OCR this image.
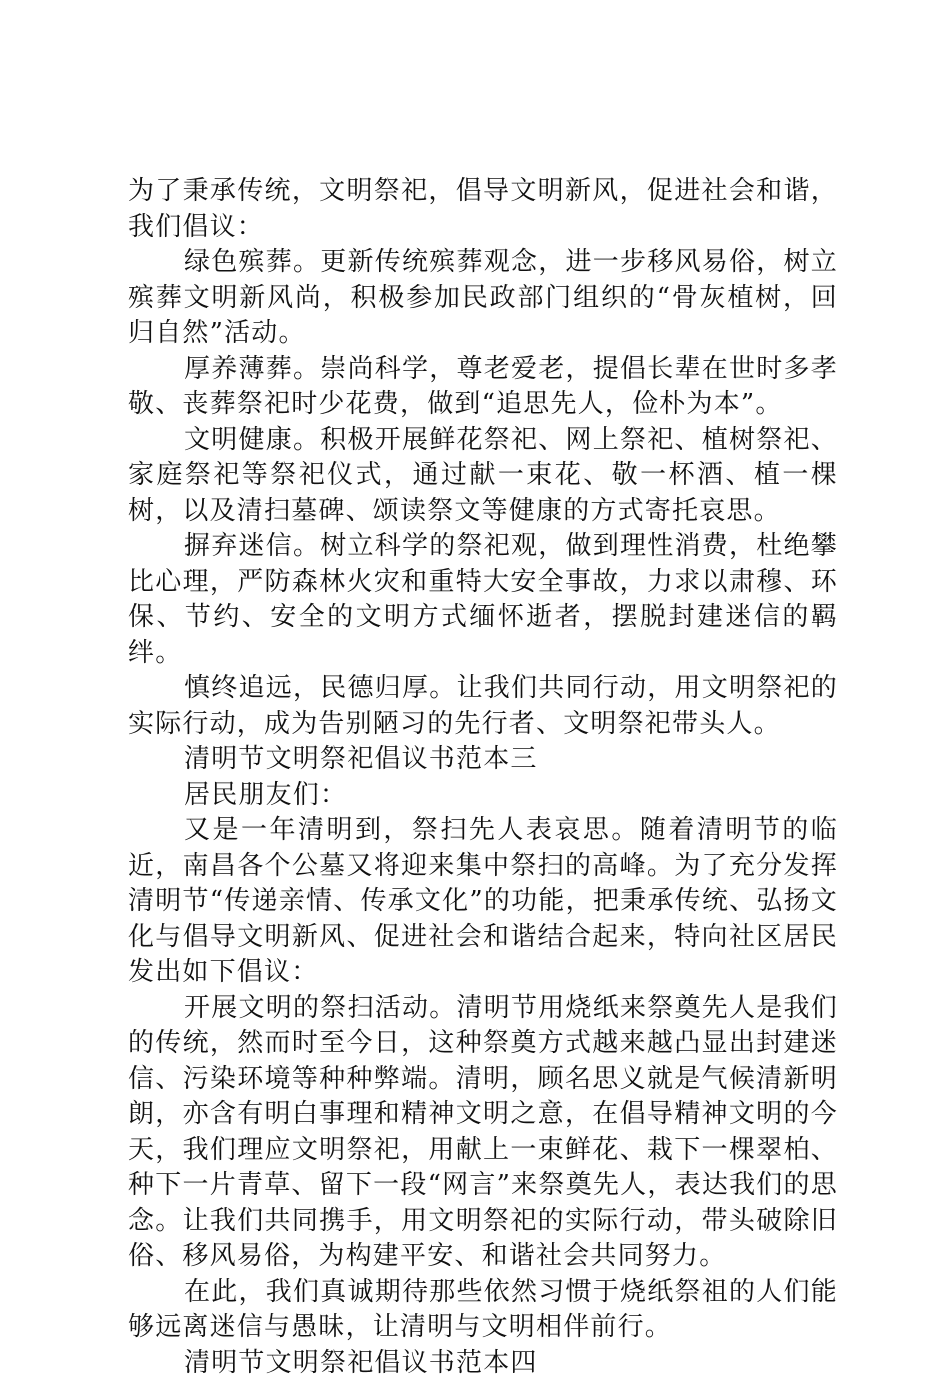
为了秉承传统，文明祭祀，倡导文明新风，促进社会和谐，我们倡议：

绿色殡葬。更新传统殡葬观念，进一步移风易俗，树立殡葬文明新风尚，积极参加民政部门组织的“骨灰植树，回归自然”活动。

厚养薄葬。崇尚科学，尊老爱老，提倡长辈在世时多孝敬、丧葬祭祀时少花费，做到“追思先人，俭朴为本”。

文明健康。积极开展鲜花祭祀、网上祭祀、植树祭祀、家庭祭祀等祭祀仪式，通过献一束花、敬一杯酒、植一棵树，以及清扫墓碑、颂读祭文等健康的方式寄托哀思。

摒弃迷信。树立科学的祭祀观，做到理性消费，杜绝攀比心理，严防森林火灾和重特大安全事故，力求以肃穆、环保、节约、安全的文明方式缅怀逝者，摆脱封建迷信的羁绊。

慎终追远，民德归厚。让我们共同行动，用文明祭祀的实际行动，成为告别陋习的先行者、文明祭祀带头人。

清明节文明祭祀倡议书范本三

居民朋友们：

又是一年清明到，祭扫先人表哀思。随着清明节的临近，南昌各个公墓又将迎来集中祭扫的高峰。为了充分发挥清明节“传递亲情、传承文化”的功能，把秉承传统、弘扬文化与倡导文明新风、促进社会和谐结合起来，特向社区居民发出如下倡议：

开展文明的祭扫活动。清明节用烧纸来祭奠先人是我们的传统，然而时至今日，这种祭奠方式越来越凸显出封建迷信、污染环境等种种弊端。清明，顾名思义就是气候清新明朗，亦含有明白事理和精神文明之意，在倡导精神文明的今天，我们理应文明祭祀，用献上一束鲜花、栽下一棵翠柏、种下一片青草、留下一段“网言”来祭奠先人，表达我们的思念。让我们共同携手，用文明祭祀的实际行动，带头破除旧俗、移风易俗，为构建平安、和谐社会共同努力。

在此，我们真诚期待那些依然习惯于烧纸祭祖的人们能够远离迷信与愚昧，让清明与文明相伴前行。

清明节文明祭祀倡议书范本四
